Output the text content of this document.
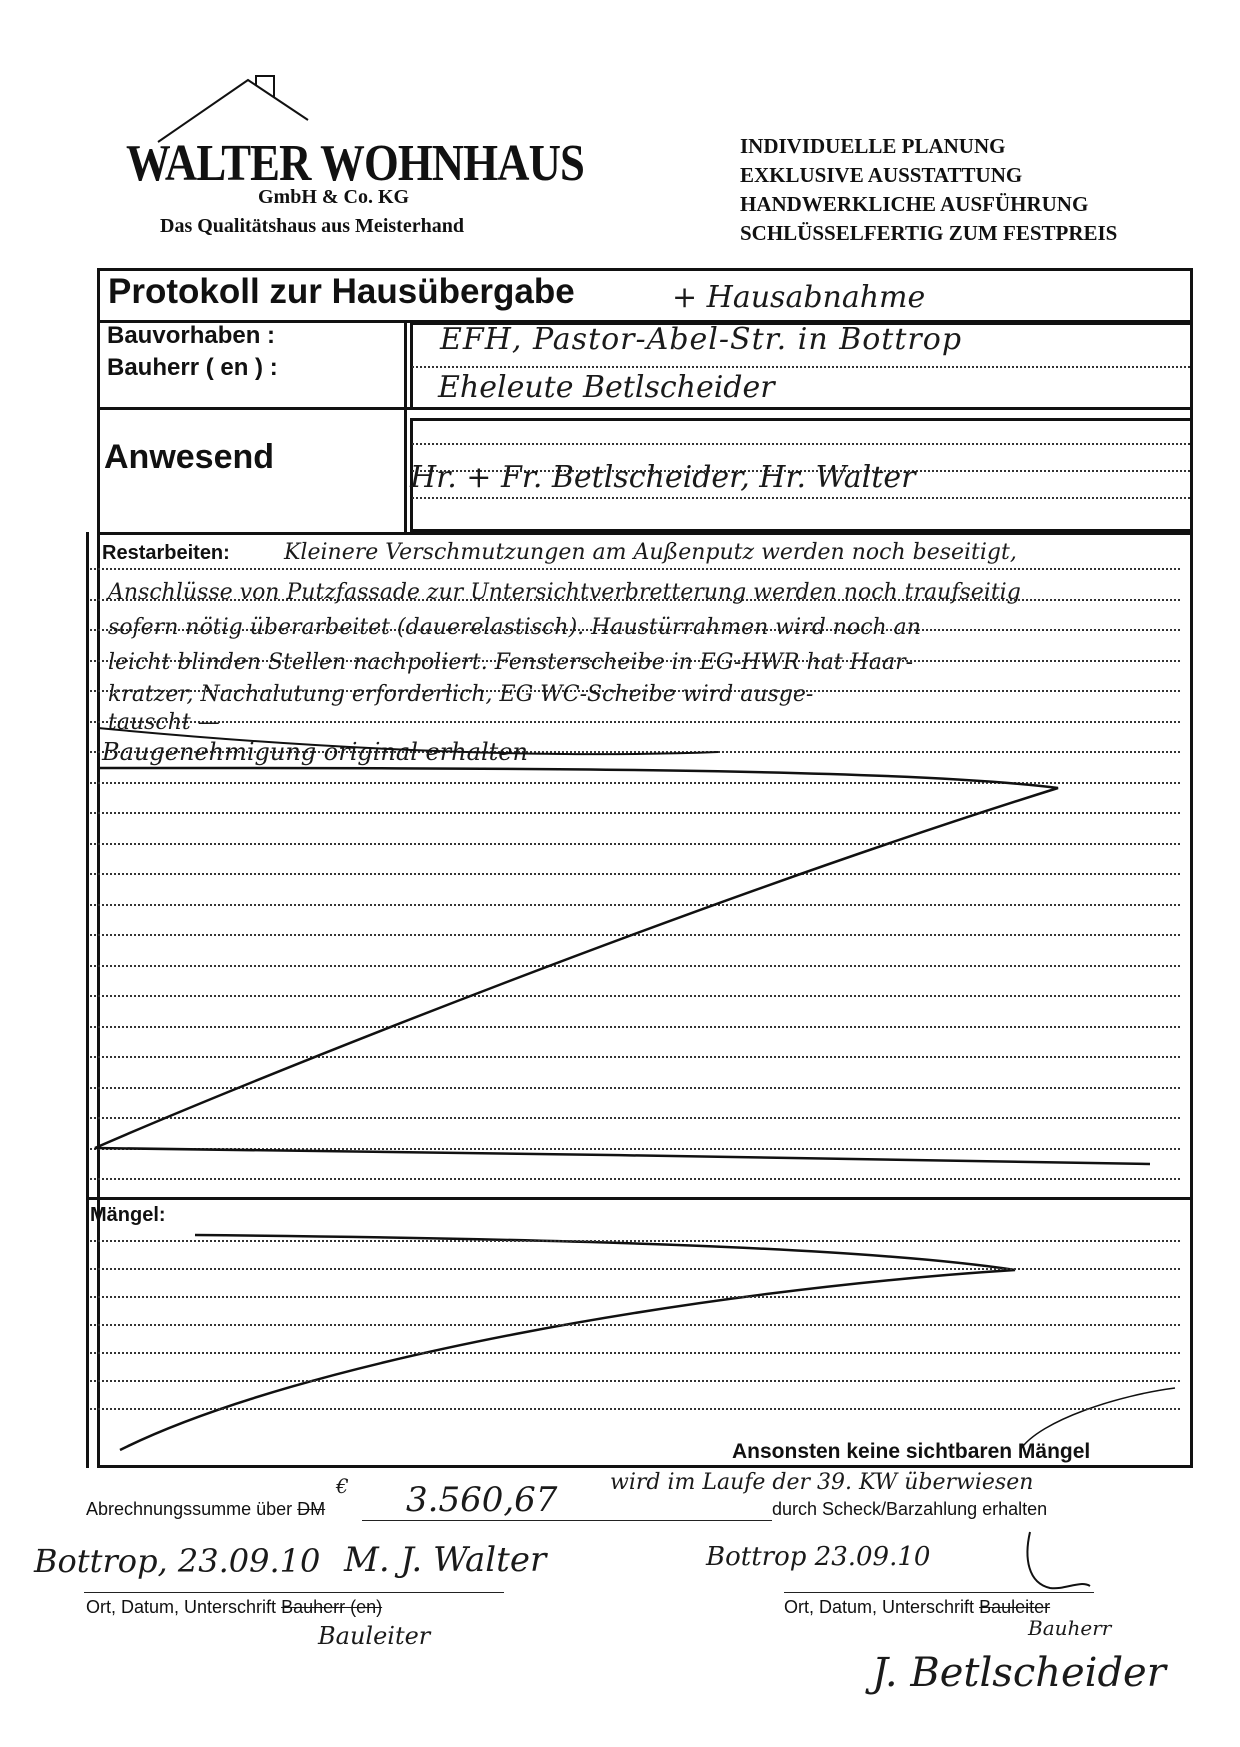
WALTER WOHNHAUS
GmbH & Co. KG
Das Qualitätshaus aus Meisterhand
INDIVIDUELLE PLANUNG
EXKLUSIVE AUSSTATTUNG
HANDWERKLICHE AUSFÜHRUNG
SCHLÜSSELFERTIG ZUM FESTPREIS
Protokoll zur Hausübergabe	+ Hausabnahme
Bauvorhaben :
Bauherr ( en ) :
EFH, Pastor-Abel-Str. in Bottrop
Eheleute Betlscheider
Anwesend
Hr. + Fr. Betlscheider, Hr. Walter
Restarbeiten: Kleinere Verschmutzungen am Außenputz werden noch beseitigt,
Anschlüsse von Putzfassade zur Untersichtverbretterung werden noch traufseitig
sofern nötig überarbeitet (dauerelastisch). Haustürrahmen wird noch an
leicht blinden Stellen nachpoliert. Fensterscheibe in EG-HWR hat Haar-
kratzer, Nachalutung erforderlich, EG WC-Scheibe wird ausge-
tauscht —
Baugenehmigung original erhalten
Mängel:
Ansonsten keine sichtbaren Mängel
Abrechnungssumme über DM
€ 3.560,67 wird im Laufe der 39. KW überwiesen
durch Scheck/Barzahlung erhalten
Bottrop, 23.09.10 M. J. Walter
Ort, Datum, Unterschrift Bauherr (en)
Bauleiter
Bottrop 23.09.10
Ort, Datum, Unterschrift Bauleiter
Bauherr
J. Betlscheider
